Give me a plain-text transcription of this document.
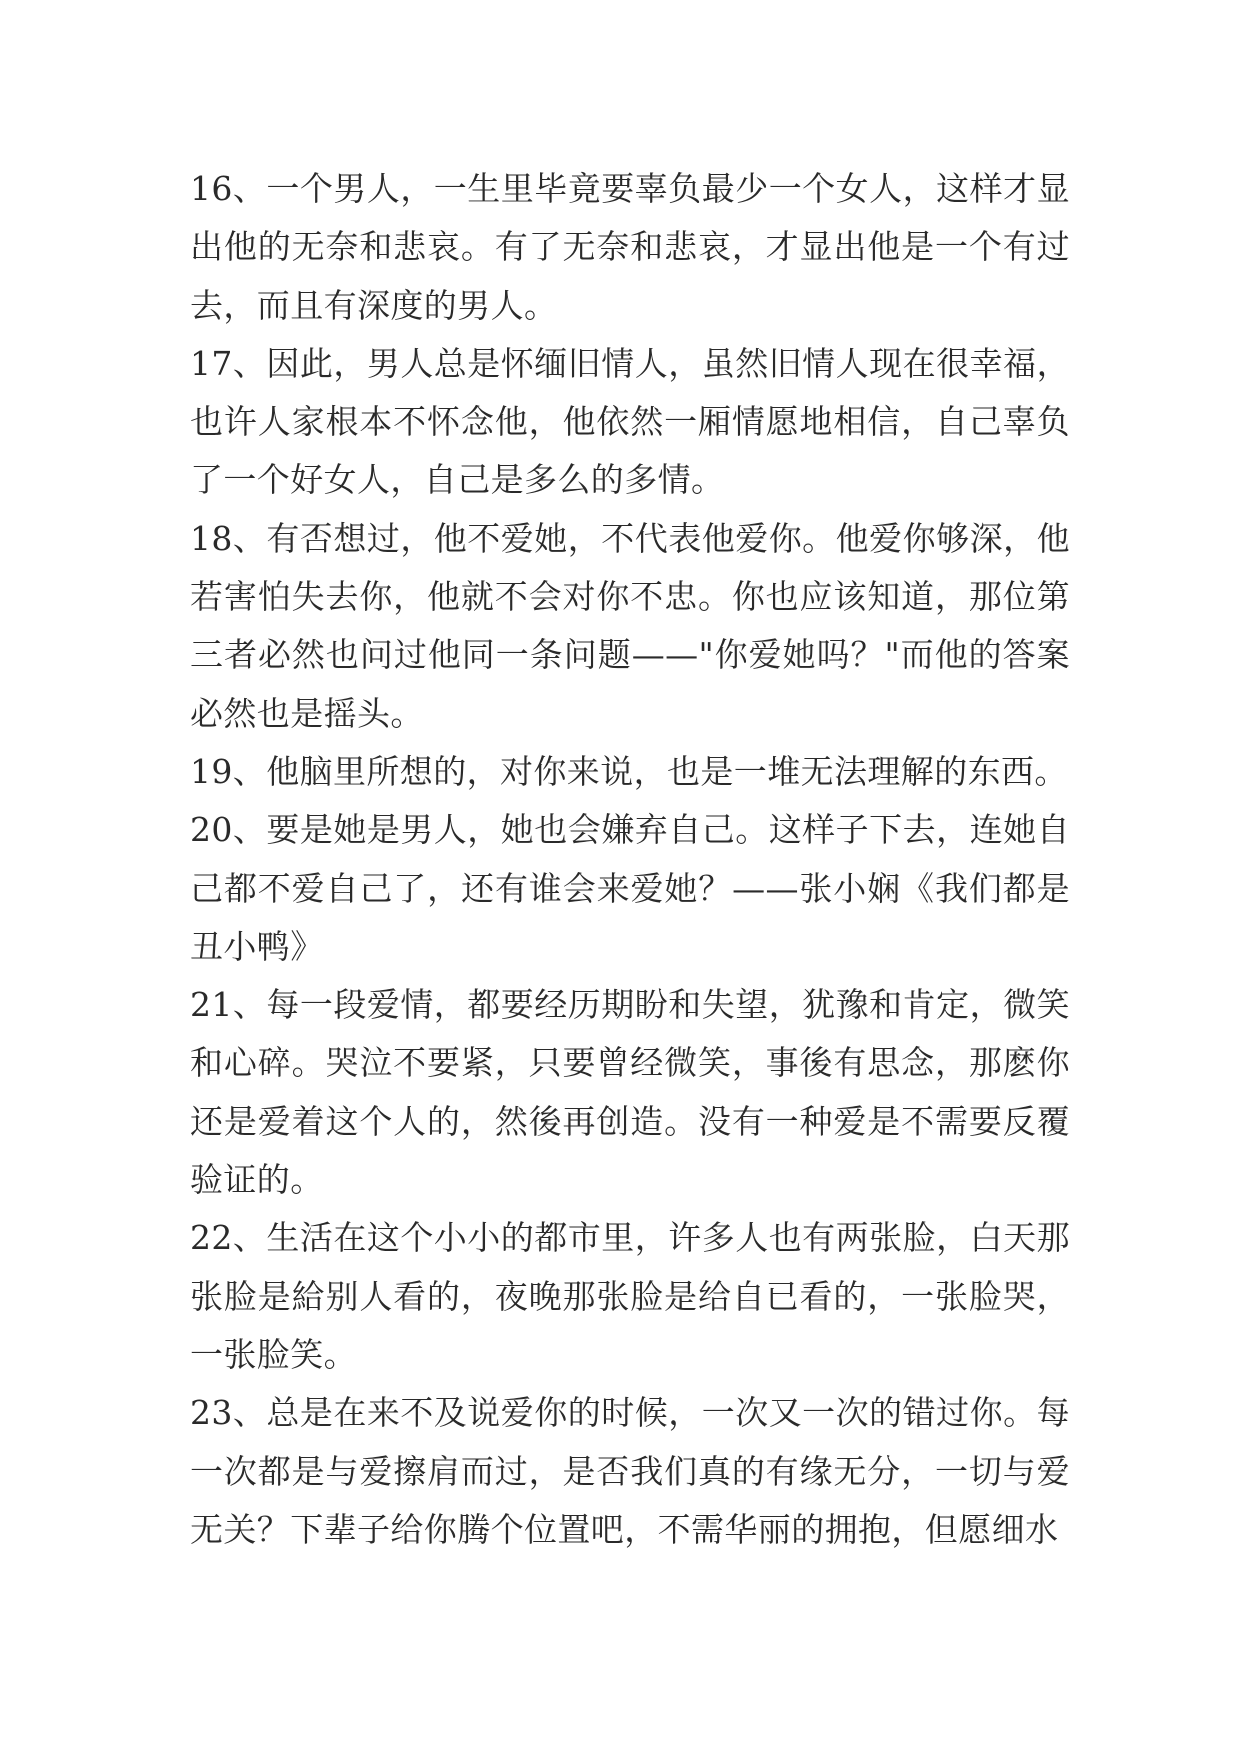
16、一个男人，一生里毕竟要辜负最少一个女人，这样才显出他的无奈和悲哀。有了无奈和悲哀，才显出他是一个有过去，而且有深度的男人。

17、因此，男人总是怀缅旧情人，虽然旧情人现在很幸福，也许人家根本不怀念他，他依然一厢情愿地相信，自己辜负了一个好女人，自己是多么的多情。

18、有否想过，他不爱她，不代表他爱你。他爱你够深，他若害怕失去你，他就不会对你不忠。你也应该知道，那位第三者必然也问过他同一条问题——"你爱她吗？"而他的答案必然也是摇头。

19、他脑里所想的，对你来说，也是一堆无法理解的东西。

20、要是她是男人，她也会嫌弃自己。这样子下去，连她自己都不爱自己了，还有谁会来爱她？——张小娴《我们都是丑小鸭》

21、每一段爱情，都要经历期盼和失望，犹豫和肯定，微笑和心碎。哭泣不要紧，只要曾经微笑，事後有思念，那麽你还是爱着这个人的，然後再创造。没有一种爱是不需要反覆验证的。

22、生活在这个小小的都市里，许多人也有两张脸，白天那张脸是給别人看的，夜晚那张脸是给自已看的，一张脸哭，一张脸笑。

23、总是在来不及说爱你的时候，一次又一次的错过你。每一次都是与爱擦肩而过，是否我们真的有缘无分，一切与爱无关？下辈子给你腾个位置吧，不需华丽的拥抱，但愿细水
